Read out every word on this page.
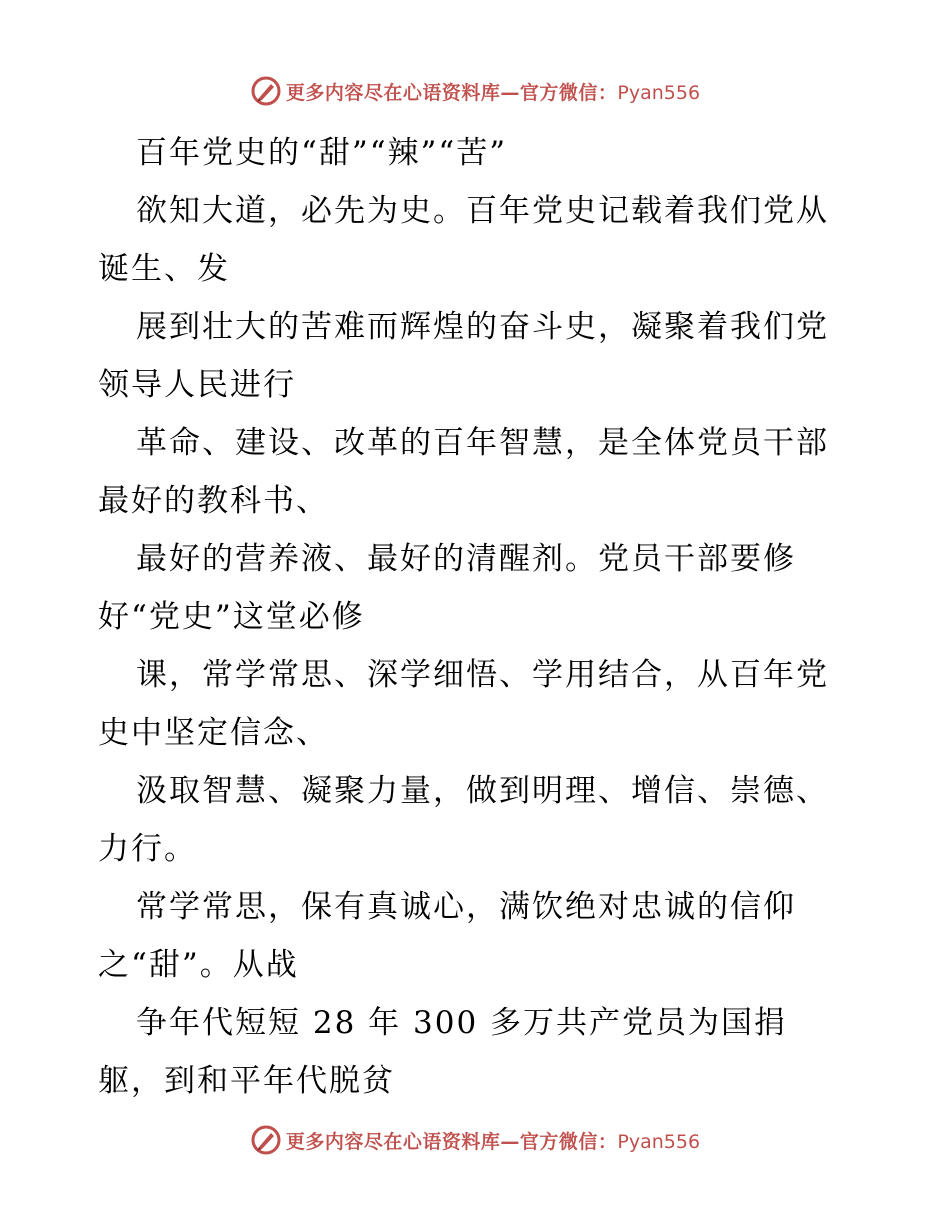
更多内容尽在心语资料库—官方微信：Pyan556
百年党史的“甜”“辣”“苦”
欲知大道，必先为史。百年党史记载着我们党从
诞生、发
展到壮大的苦难而辉煌的奋斗史，凝聚着我们党
领导人民进行
革命、建设、改革的百年智慧，是全体党员干部
最好的教科书、
最好的营养液、最好的清醒剂。党员干部要修
好“党史”这堂必修
课，常学常思、深学细悟、学用结合，从百年党
史中坚定信念、
汲取智慧、凝聚力量，做到明理、增信、崇德、
力行。
常学常思，保有真诚心，满饮绝对忠诚的信仰
之“甜”。从战
争年代短短 28 年 300 多万共产党员为国捐
躯，到和平年代脱贫
更多内容尽在心语资料库—官方微信：Pyan556
